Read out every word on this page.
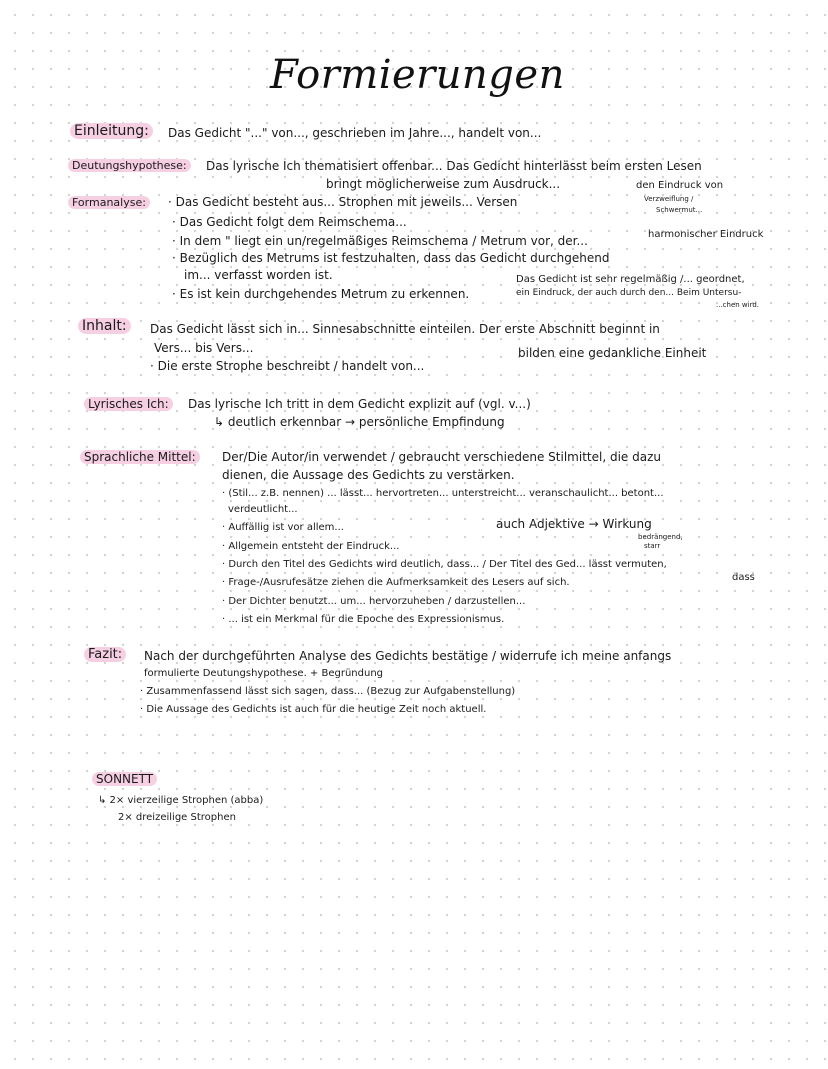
Formierungen
Einleitung:	Das Gedicht "..." von..., geschrieben im Jahre..., handelt von...
Deutungshypothese:	Das lyrische Ich thematisiert offenbar... Das Gedicht hinterlässt beim ersten Lesen
bringt möglicherweise zum Ausdruck...	den Eindruck von
Verzweiflung /
Schwermut...
Formanalyse:	· Das Gedicht besteht aus... Strophen mit jeweils... Versen
· Das Gedicht folgt dem Reimschema...
· In dem " liegt ein un/regelmäßiges Reimschema / Metrum vor, der...
· Bezüglich des Metrums ist festzuhalten, dass das Gedicht durchgehend
im... verfasst worden ist.
· Es ist kein durchgehendes Metrum zu erkennen.
harmonischer Eindruck
Das Gedicht ist sehr regelmäßig /... geordnet,
ein Eindruck, der auch durch den... Beim Untersu-
...chen wird.
Inhalt:	Das Gedicht lässt sich in... Sinnesabschnitte einteilen. Der erste Abschnitt beginnt in
Vers... bis Vers...	bilden eine gedankliche Einheit
· Die erste Strophe beschreibt / handelt von...
Lyrisches Ich:	Das lyrische Ich tritt in dem Gedicht explizit auf (vgl. v...)
↳ deutlich erkennbar → persönliche Empfindung
Sprachliche Mittel:	Der/Die Autor/in verwendet / gebraucht verschiedene Stilmittel, die dazu
dienen, die Aussage des Gedichts zu verstärken.
· (Stil... z.B. nennen) ... lässt... hervortreten... unterstreicht... veranschaulicht... betont...
verdeutlicht...
· Auffällig ist vor allem...
· Allgemein entsteht der Eindruck...
· Durch den Titel des Gedichts wird deutlich, dass... / Der Titel des Ged... lässt vermuten,
· Frage-/Ausrufesätze ziehen die Aufmerksamkeit des Lesers auf sich.
· Der Dichter benutzt... um... hervorzuheben / darzustellen...
· ... ist ein Merkmal für die Epoche des Expressionismus.
auch Adjektive → Wirkung
bedrängend,
starr
dass
Fazit:	Nach der durchgeführten Analyse des Gedichts bestätige / widerrufe ich meine anfangs
formulierte Deutungshypothese. + Begründung
· Zusammenfassend lässt sich sagen, dass... (Bezug zur Aufgabenstellung)
· Die Aussage des Gedichts ist auch für die heutige Zeit noch aktuell.
SONNETT
↳ 2× vierzeilige Strophen (abba)
2× dreizeilige Strophen
